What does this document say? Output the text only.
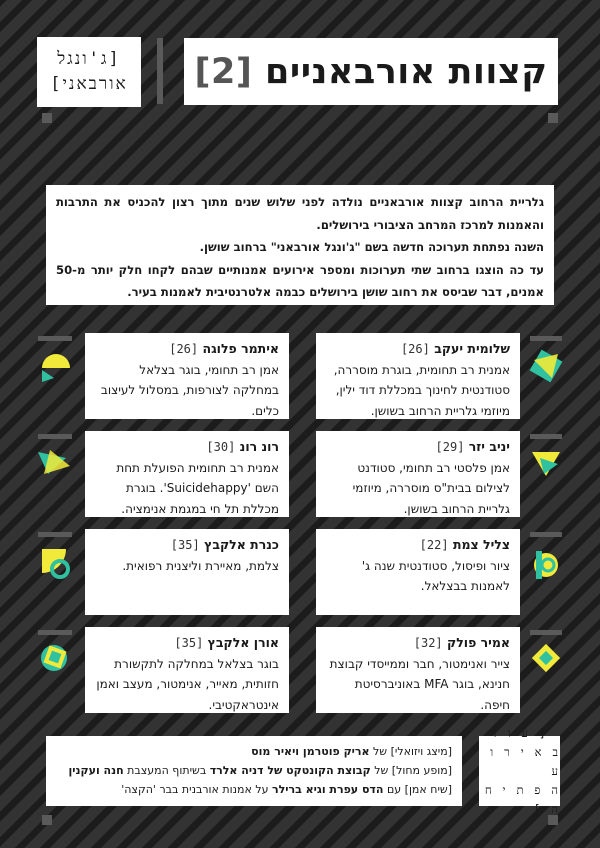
[ג'ונגל
אורבאני]	קצוות אורבאניים [2]

גלריית הרחוב קצוות אורבאניים נולדה לפני שלוש שנים מתוך רצון להכניס את התרבות והאמנות למרכז המרחב הציבורי בירושלים.

השנה נפתחת תערוכה חדשה בשם "ג'ונגל אורבאני" ברחוב שושן.

עד כה הוצגו ברחוב שתי תערוכות ומספר אירועים אמנותיים שבהם לקחו חלק יותר מ-50 אמנים, דבר שביסס את רחוב שושן בירושלים כבמה אלטרנטיבית לאמנות בעיר.

שלומית יעקב [26]
אמנית רב תחומית, בוגרת מוסררה, סטודנטית לחינוך במכללת דוד ילין, מיוזמי גלריית הרחוב בשושן.
יניב יזר [29]
אמן פלסטי רב תחומי, סטודנט לצילום בבית"ס מוסררה, מיוזמי גלריית הרחוב בשושן.
צליל צמת [22]
ציור ופיסול, סטודנטית שנה ג' לאמנות בבצלאל.
אמיר פולק [32]
צייר ואנימטור, חבר וממייסדי קבוצת חנינא, בוגר MFA באוניברסיטת חיפה.
איתמר פלוגה [26]
אמן רב תחומי, בוגר בצלאל במחלקה לצורפות, במסלול לעיצוב כלים.
רונ רונ [30]
אמנית רב תחומית הפועלת תחת השם 'Suicidehappy'. בוגרת מכללת תל חי במגמת אנימציה.
כנרת אלקבץ [35]
צלמת, מאיירת וליצנית רפואית.
אורן אלקבץ [35]
בוגר בצלאל במחלקה לתקשורת חזותית, מאייר, אנימטור, מעצב ואמן אינטראקטיבי.
[מיצג ויזואלי] של אריק פוטרמן ויאיר מוס
[מופע מחול] של קבוצת הקונטקט של דניה אלרד בשיתוף המעצבת חנה ועקנין
[שיח אמן] עם הדס עפרת וגיא ברילר על אמנות אורבנית בבר 'הקצה'
[ ע ו ד
ב א י ר ו ע
ה פ ת י ח ה ]
